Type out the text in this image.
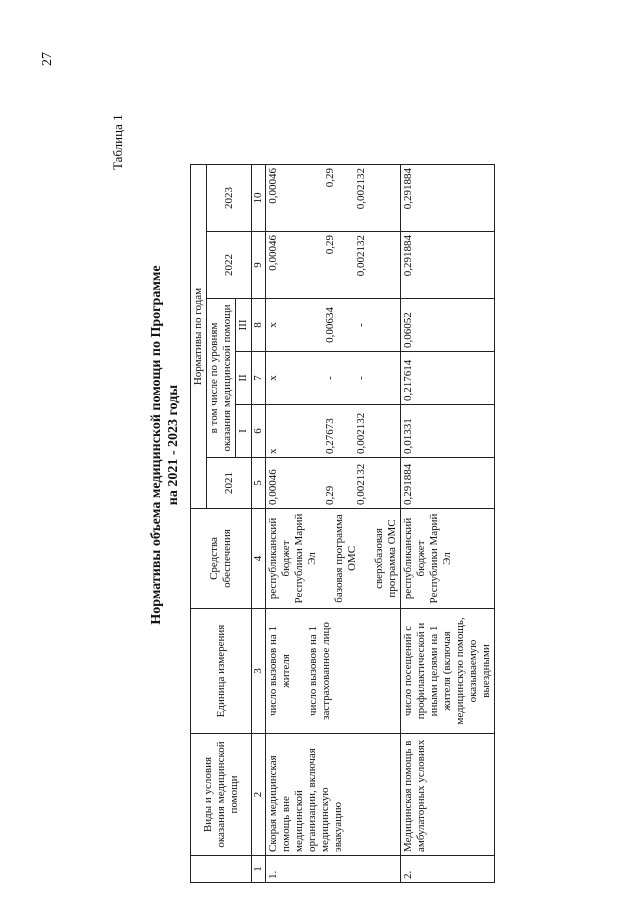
27
Таблица 1
Нормативы объема медицинской помощи по Программе на 2021 - 2023 годы
	Виды и условия оказания медицинской помощи	Единица измерения	Средства обеспечения	Нормативы по годам					
				2021	в том числе по уровням оказания медицинской помощи			2022	2023
					I	II	III		
1	2	3	4	5	6	7	8	9	10
1.	Скорая медицинская помощь вне медицинской организации, включая медицинскую эвакуацию	число вызовов на 1 жителя число вызовов на 1 застрахованное лицо	республиканский бюджет Республики Марий Эл базовая программа ОМС сверхбазовая программа ОМС	0,00046 0,29 0,002132	х 0,27673 0,002132	х - -	х 0,00634 -	0,00046 0,29 0,002132	0,00046 0,29 0,002132

2.	Медицинская помощь в амбулаторных условиях	число посещений с профилактической и иными целями на 1 жителя (включая медицинскую помощь, оказываемую выездными	республиканский бюджет Республики Марий Эл	0,291884	0,01331	0,217614	0,06052	0,291884	0,291884
